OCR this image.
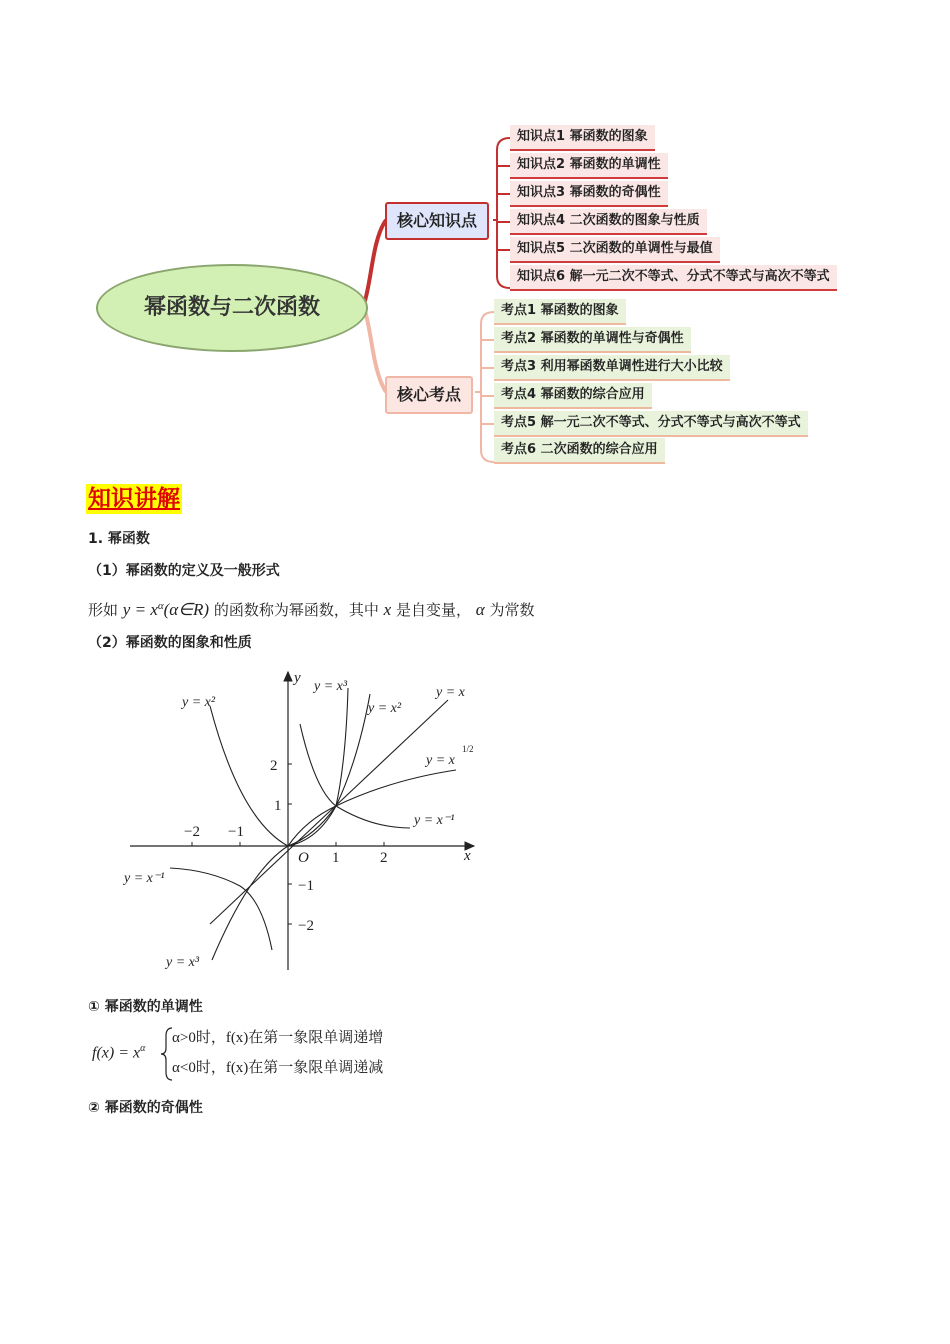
幂函数与二次函数
核心知识点
核心考点
知识点1 幂函数的图象
知识点2 幂函数的单调性
知识点3 幂函数的奇偶性
知识点4 二次函数的图象与性质
知识点5 二次函数的单调性与最值
知识点6 解一元二次不等式、分式不等式与高次不等式
考点1 幂函数的图象
考点2 幂函数的单调性与奇偶性
考点3 利用幂函数单调性进行大小比较
考点4 幂函数的综合应用
考点5 解一元二次不等式、分式不等式与高次不等式
考点6 二次函数的综合应用
知识讲解
1. 幂函数
（1）幂函数的定义及一般形式
形如 $y = x^\alpha(\alpha\in R)$ 的函数称为幂函数，其中 x 是自变量， α 为常数
（2）幂函数的图象和性质
y
x
O
−2 −1
1	2
2
1
−1
−2
y = x²
y = x³
y = x²
y = x
y = x
1/2
y = x⁻¹
y = x⁻¹
y = x³
① 幂函数的单调性
$f(x) = x^\alpha$
α>0时，f(x)在第一象限单调递增
α<0时，f(x)在第一象限单调递减
② 幂函数的奇偶性
